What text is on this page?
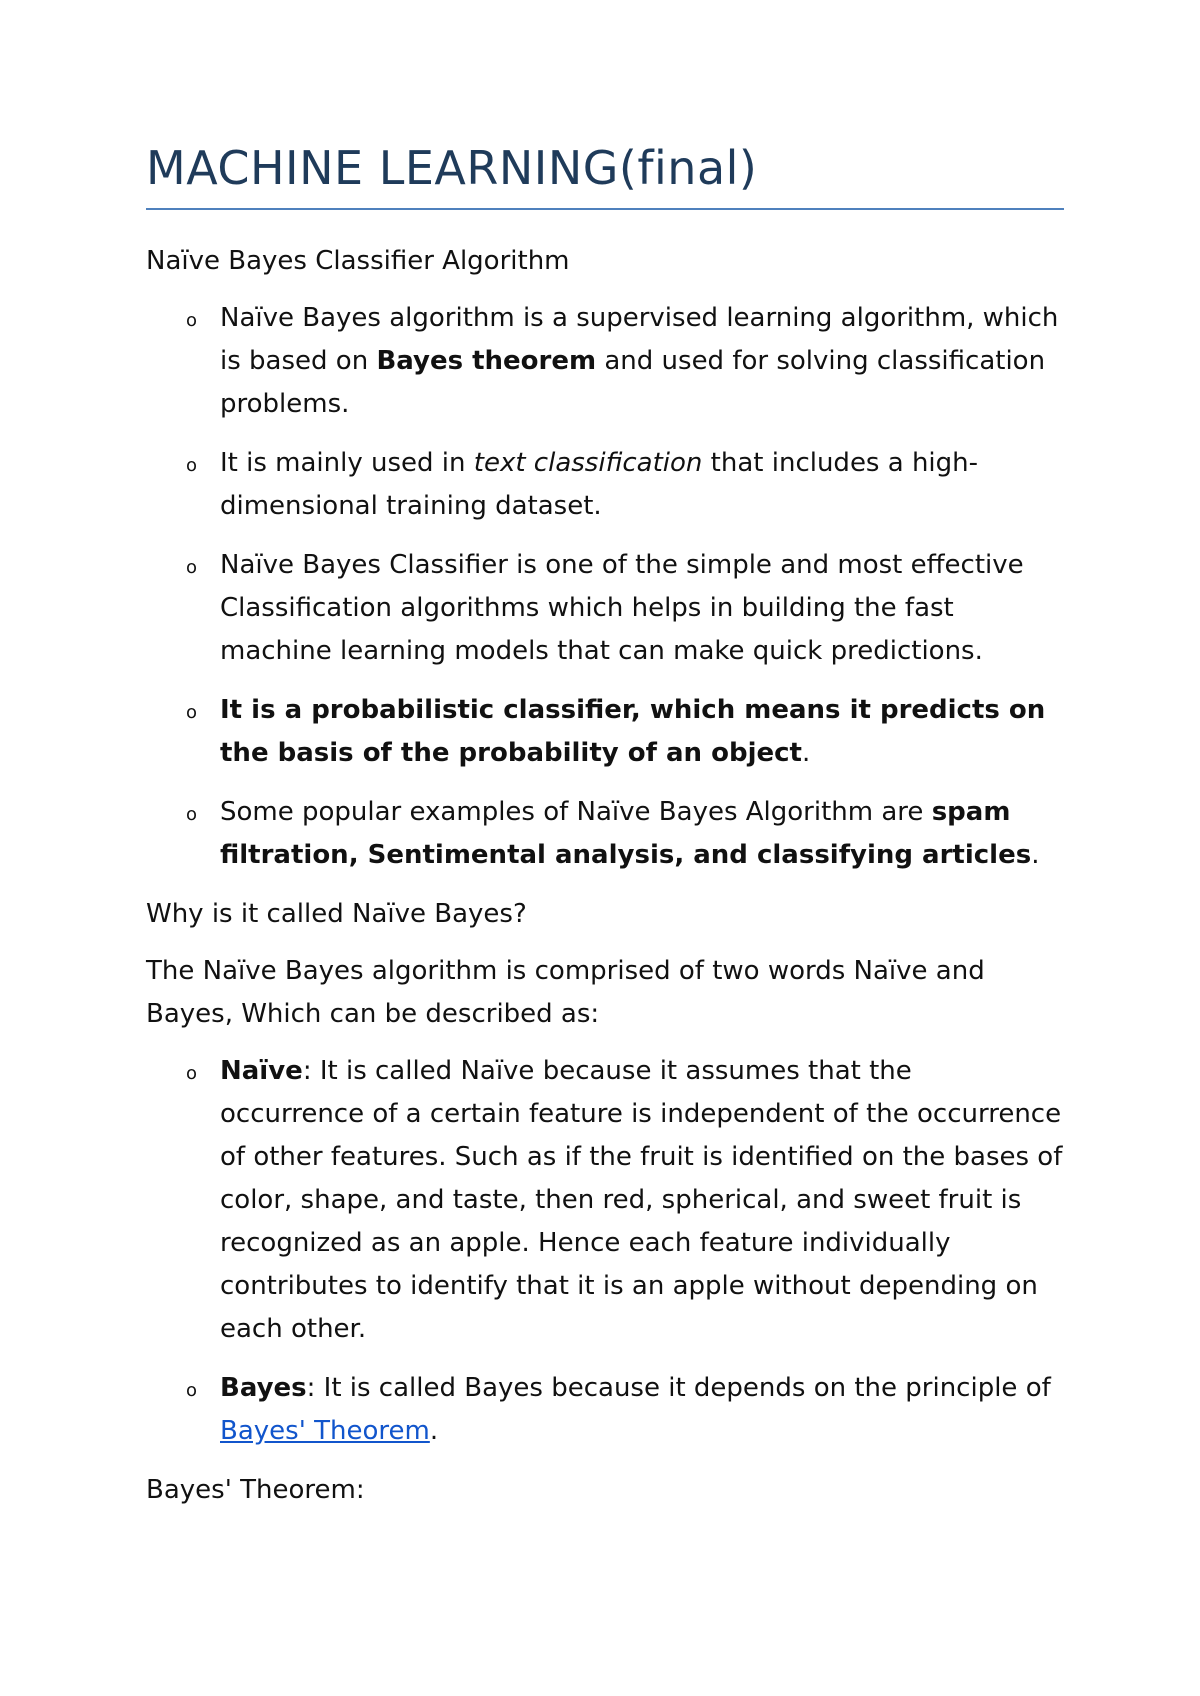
MACHINE LEARNING(final)

Naïve Bayes Classifier Algorithm

o Naïve Bayes algorithm is a supervised learning algorithm, which is based on Bayes theorem and used for solving classification problems.
o It is mainly used in text classification that includes a high-dimensional training dataset.
o Naïve Bayes Classifier is one of the simple and most effective Classification algorithms which helps in building the fast machine learning models that can make quick predictions.
o It is a probabilistic classifier, which means it predicts on the basis of the probability of an object.
o Some popular examples of Naïve Bayes Algorithm are spam filtration, Sentimental analysis, and classifying articles.

Why is it called Naïve Bayes?

The Naïve Bayes algorithm is comprised of two words Naïve and Bayes, Which can be described as:

o Naïve: It is called Naïve because it assumes that the occurrence of a certain feature is independent of the occurrence of other features. Such as if the fruit is identified on the bases of color, shape, and taste, then red, spherical, and sweet fruit is recognized as an apple. Hence each feature individually contributes to identify that it is an apple without depending on each other.
o Bayes: It is called Bayes because it depends on the principle of Bayes' Theorem.

Bayes' Theorem:
